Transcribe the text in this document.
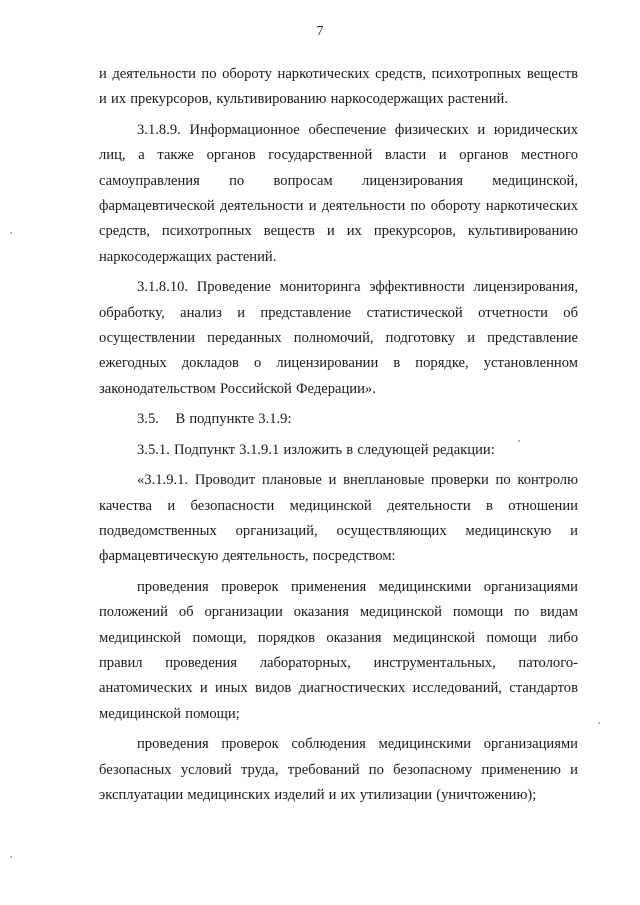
7

и деятельности по обороту наркотических средств, психотропных веществ и их прекурсоров, культивированию наркосодержащих растений.

3.1.8.9. Информационное обеспечение физических и юридических лиц, а также органов государственной власти и органов местного самоуправления по вопросам лицензирования медицинской, фармацевтической деятельности и деятельности по обороту наркотических средств, психотропных веществ и их прекурсоров, культивированию наркосодержащих растений.

3.1.8.10. Проведение мониторинга эффективности лицензирования, обработку, анализ и представление статистической отчетности об осуществлении переданных полномочий, подготовку и представление ежегодных докладов о лицензировании в порядке, установленном законодательством Российской Федерации».

3.5.    В подпункте 3.1.9:

3.5.1. Подпункт 3.1.9.1 изложить в следующей редакции:

«3.1.9.1. Проводит плановые и внеплановые проверки по контролю качества и безопасности медицинской деятельности в отношении подведомственных организаций, осуществляющих медицинскую и фармацевтическую деятельность, посредством:

проведения проверок применения медицинскими организациями положений об организации оказания медицинской помощи по видам медицинской помощи, порядков оказания медицинской помощи либо правил проведения лабораторных, инструментальных, патолого-анатомических и иных видов диагностических исследований, стандартов медицинской помощи;

проведения проверок соблюдения медицинскими организациями безопасных условий труда, требований по безопасному применению и эксплуатации медицинских изделий и их утилизации (уничтожению);
